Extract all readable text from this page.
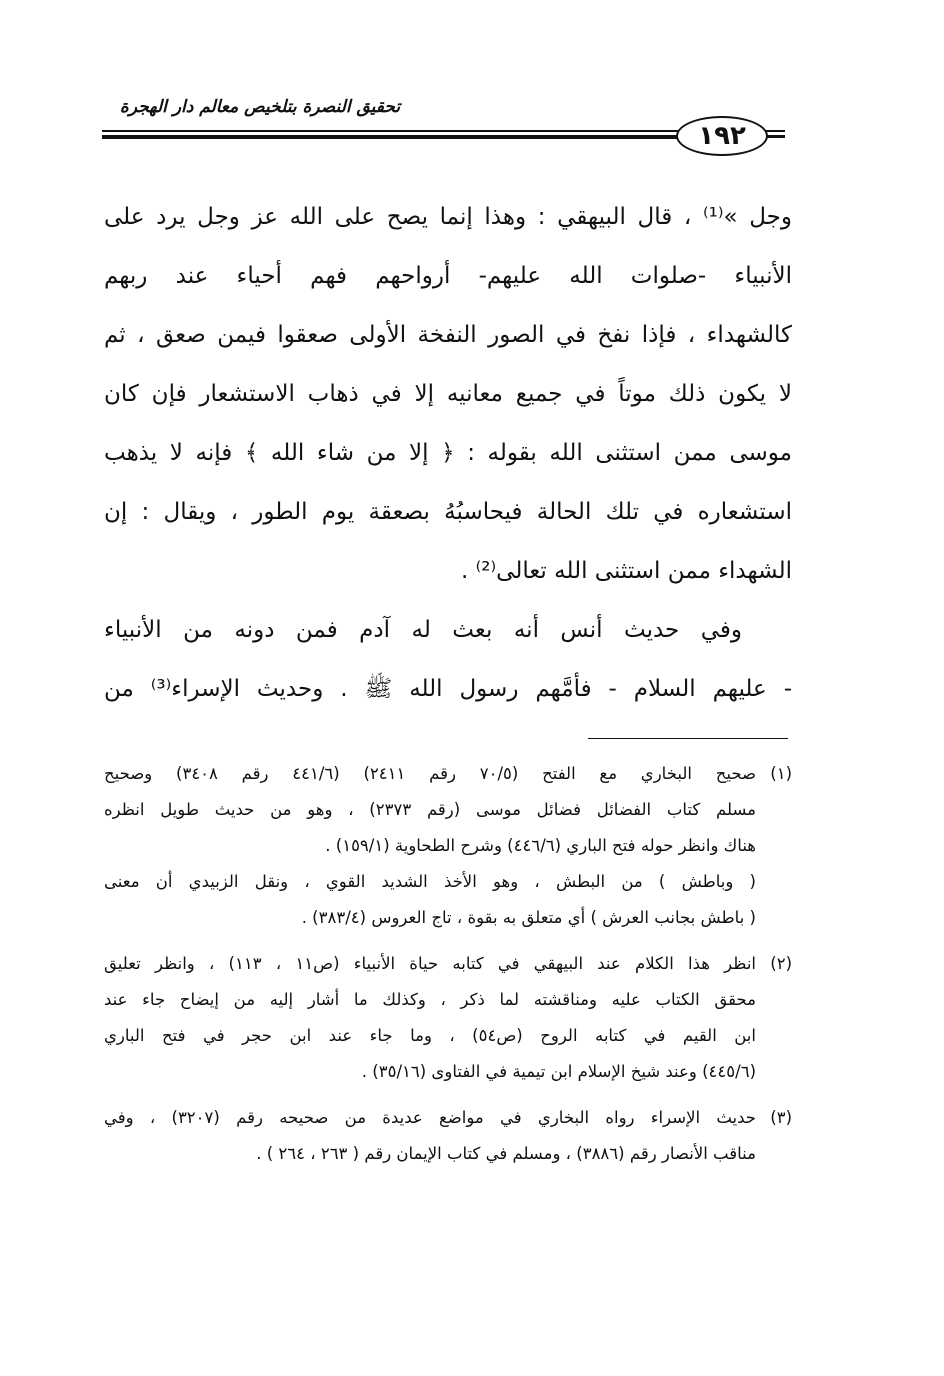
تحقيق النصرة بتلخيص معالم دار الهجرة
١٩٢
وجل »⁽¹⁾ ، قال البيهقي : وهذا إنما يصح على الله عز وجل يرد على
الأنبياء -صلوات الله عليهم- أرواحهم فهم أحياء عند ربهم
كالشهداء ، فإذا نفخ في الصور النفخة الأولى صعقوا فيمن صعق ، ثم
لا يكون ذلك موتاً في جميع معانيه إلا في ذهاب الاستشعار فإن كان
موسى ممن استثنى الله بقوله : ﴿ إلا من شاء الله ﴾ فإنه لا يذهب
استشعاره في تلك الحالة فيحاسبُهُ بصعقة يوم الطور ، ويقال : إن
الشهداء ممن استثنى الله تعالى⁽²⁾ .
وفي حديث أنس أنه بعث له آدم فمن دونه من الأنبياء
- عليهم السلام - فأمَّهم رسول الله ﷺ . وحديث الإسراء⁽³⁾ من
(١)
صحيح البخاري مع الفتح (٧٠/٥ رقم ٢٤١١) (٤٤١/٦ رقم ٣٤٠٨) وصحيح
مسلم كتاب الفضائل فضائل موسى (رقم ٢٣٧٣) ، وهو من حديث طويل انظره
هناك وانظر حوله فتح الباري (٤٤٦/٦) وشرح الطحاوية (١٥٩/١) .
( وباطش ) من البطش ، وهو الأخذ الشديد القوي ، ونقل الزبيدي أن معنى
( باطش بجانب العرش ) أي متعلق به بقوة ، تاج العروس (٣٨٣/٤) .
(٢)
انظر هذا الكلام عند البيهقي في كتابه حياة الأنبياء (ص١١ ، ١١٣) ، وانظر تعليق
محقق الكتاب عليه ومناقشته لما ذكر ، وكذلك ما أشار إليه من إيضاح جاء عند
ابن القيم في كتابه الروح (ص٥٤) ، وما جاء عند ابن حجر في فتح الباري
(٤٤٥/٦) وعند شيخ الإسلام ابن تيمية في الفتاوى (٣٥/١٦) .
(٣)
حديث الإسراء رواه البخاري في مواضع عديدة من صحيحه رقم (٣٢٠٧) ، وفي
مناقب الأنصار رقم (٣٨٨٦) ، ومسلم في كتاب الإيمان رقم ( ٢٦٣ ، ٢٦٤ ) .
